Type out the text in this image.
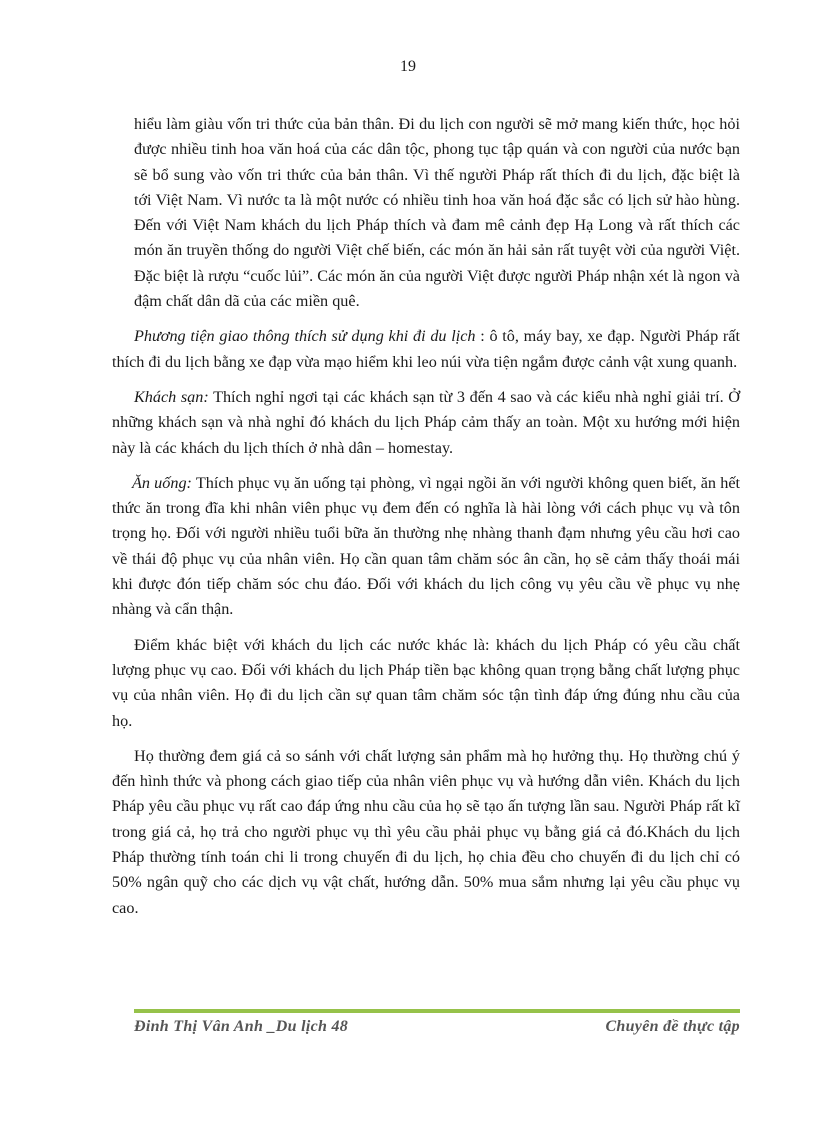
19

hiểu làm giàu vốn tri thức của bản thân. Đi du lịch con người sẽ mở mang kiến thức, học hỏi được nhiều tinh hoa văn hoá của các dân tộc, phong tục tập quán và con người của nước bạn sẽ bổ sung vào vốn tri thức của bản thân. Vì thế người Pháp rất thích đi du lịch, đặc biệt là tới Việt Nam. Vì nước ta là một nước có nhiều tinh hoa văn hoá đặc sắc có lịch sử hào hùng. Đến với Việt Nam khách du lịch Pháp thích và đam mê cảnh đẹp Hạ Long và rất thích các món ăn truyền thống do người Việt chế biến, các món ăn hải sản rất tuyệt vời của người Việt. Đặc biệt là rượu “cuốc lủi”. Các món ăn của người Việt được người Pháp nhận xét là ngon và đậm chất dân dã của các miền quê.

Phương tiện giao thông thích sử dụng khi đi du lịch : ô tô, máy bay, xe đạp. Người Pháp rất thích đi du lịch bằng xe đạp vừa mạo hiểm khi leo núi vừa tiện ngắm được cảnh vật xung quanh.

Khách sạn: Thích nghỉ ngơi tại các khách sạn từ 3 đến 4 sao và các kiểu nhà nghỉ giải trí. Ở những khách sạn và nhà nghỉ đó khách du lịch Pháp cảm thấy an toàn. Một xu hướng mới hiện này là các khách du lịch thích ở nhà dân – homestay.

Ăn uống: Thích phục vụ ăn uống tại phòng, vì ngại ngồi ăn với người không quen biết, ăn hết thức ăn trong đĩa khi nhân viên phục vụ đem đến có nghĩa là hài lòng với cách phục vụ và tôn trọng họ. Đối với người nhiều tuổi bữa ăn thường nhẹ nhàng thanh đạm nhưng yêu cầu hơi cao về thái độ phục vụ của nhân viên. Họ cần quan tâm chăm sóc ân cần, họ sẽ cảm thấy thoái mái khi được đón tiếp chăm sóc chu đáo. Đối với khách du lịch công vụ yêu cầu về phục vụ nhẹ nhàng và cẩn thận.

Điểm khác biệt với khách du lịch các nước khác là: khách du lịch Pháp có yêu cầu chất lượng phục vụ cao. Đối với khách du lịch Pháp tiền bạc không quan trọng bằng chất lượng phục vụ của nhân viên. Họ đi du lịch cần sự quan tâm chăm sóc tận tình đáp ứng đúng nhu cầu của họ.

Họ thường đem giá cả so sánh với chất lượng sản phẩm mà họ hưởng thụ. Họ thường chú ý đến hình thức và phong cách giao tiếp của nhân viên phục vụ và hướng dẫn viên. Khách du lịch Pháp yêu cầu phục vụ rất cao đáp ứng nhu cầu của họ sẽ tạo ấn tượng lần sau. Người Pháp rất kĩ trong giá cả, họ trả cho người phục vụ thì yêu cầu phải phục vụ bằng giá cả đó.Khách du lịch Pháp thường tính toán chi li trong chuyến đi du lịch, họ chia đều cho chuyến đi du lịch chỉ có 50% ngân quỹ cho các dịch vụ vật chất, hướng dẫn. 50% mua sắm nhưng lại yêu cầu phục vụ cao.

Đinh Thị Vân Anh _Du lịch 48	Chuyên đề thực tập
